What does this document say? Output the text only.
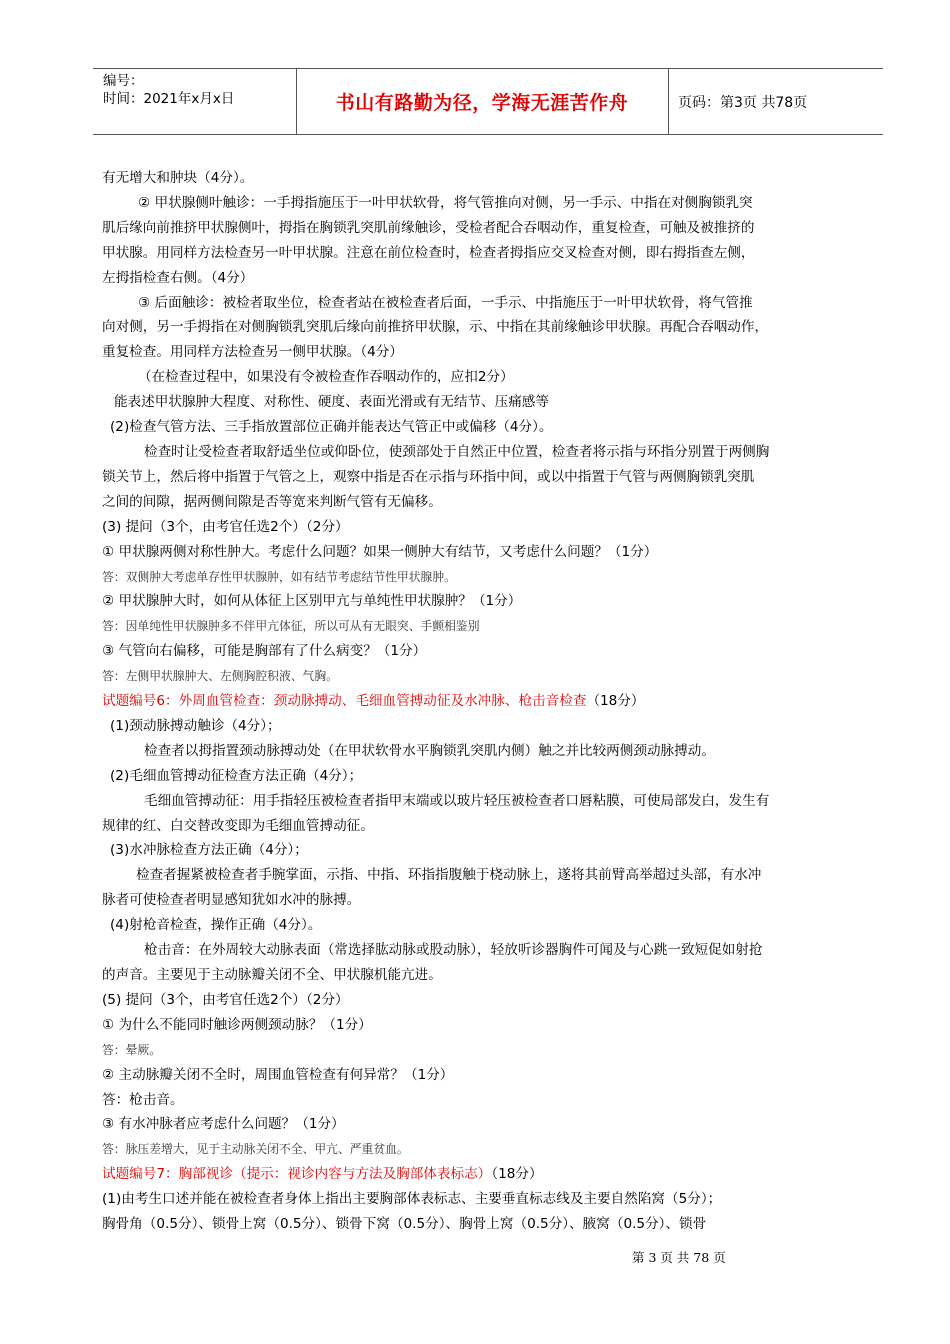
编号：
时间：2021年x月x日	书山有路勤为径，学海无涯苦作舟	页码：第3页 共78页
有无增大和肿块（4分）。
② 甲状腺侧叶触诊：一手拇指施压于一叶甲状软骨，将气管推向对侧，另一手示、中指在对侧胸锁乳突
肌后缘向前推挤甲状腺侧叶，拇指在胸锁乳突肌前缘触诊，受检者配合吞咽动作，重复检查，可触及被推挤的
甲状腺。用同样方法检查另一叶甲状腺。注意在前位检查时，检查者拇指应交叉检查对侧，即右拇指查左侧，
左拇指检查右侧。（4分）
③ 后面触诊：被检者取坐位，检查者站在被检查者后面，一手示、中指施压于一叶甲状软骨，将气管推
向对侧，另一手拇指在对侧胸锁乳突肌后缘向前推挤甲状腺，示、中指在其前缘触诊甲状腺。再配合吞咽动作，
重复检查。用同样方法检查另一侧甲状腺。（4分）
（在检查过程中，如果没有令被检查作吞咽动作的，应扣2分）
能表述甲状腺肿大程度、对称性、硬度、表面光滑或有无结节、压痛感等
(2)检查气管方法、三手指放置部位正确并能表达气管正中或偏移（4分）。
检查时让受检查者取舒适坐位或仰卧位，使颈部处于自然正中位置，检查者将示指与环指分别置于两侧胸
锁关节上，然后将中指置于气管之上，观察中指是否在示指与环指中间，或以中指置于气管与两侧胸锁乳突肌
之间的间隙，据两侧间隙是否等宽来判断气管有无偏移。
(3) 提问（3个，由考官任选2个）（2分）
① 甲状腺两侧对称性肿大。考虑什么问题？如果一侧肿大有结节，又考虑什么问题？（1分）
答：双侧肿大考虑单存性甲状腺肿，如有结节考虑结节性甲状腺肿。
② 甲状腺肿大时，如何从体征上区别甲亢与单纯性甲状腺肿？（1分）
答：因单纯性甲状腺肿多不伴甲亢体征，所以可从有无眼突、手颤相鉴别
③ 气管向右偏移，可能是胸部有了什么病变？（1分）
答：左侧甲状腺肿大、左侧胸腔积液、气胸。
试题编号6：外周血管检查：颈动脉搏动、毛细血管搏动征及水冲脉、枪击音检查（18分）
(1)颈动脉搏动触诊（4分）；
检查者以拇指置颈动脉搏动处（在甲状软骨水平胸锁乳突肌内侧）触之并比较两侧颈动脉搏动。
(2)毛细血管搏动征检查方法正确（4分）；
毛细血管搏动征：用手指轻压被检查者指甲末端或以玻片轻压被检查者口唇粘膜，可使局部发白，发生有
规律的红、白交替改变即为毛细血管搏动征。
(3)水冲脉检查方法正确（4分）；
检查者握紧被检查者手腕掌面，示指、中指、环指指腹触于桡动脉上，遂将其前臂高举超过头部，有水冲
脉者可使检查者明显感知犹如水冲的脉搏。
(4)射枪音检查，操作正确（4分）。
枪击音：在外周较大动脉表面（常选择肱动脉或股动脉），轻放听诊器胸件可闻及与心跳一致短促如射抢
的声音。主要见于主动脉瓣关闭不全、甲状腺机能亢进。
(5) 提问（3个，由考官任选2个）（2分）
① 为什么不能同时触诊两侧颈动脉？（1分）
答：晕厥。
② 主动脉瓣关闭不全时，周围血管检查有何异常？（1分）
答：枪击音。
③ 有水冲脉者应考虑什么问题？（1分）
答：脉压差增大，见于主动脉关闭不全、甲亢、严重贫血。
试题编号7：胸部视诊（提示：视诊内容与方法及胸部体表标志）（18分）
(1)由考生口述并能在被检查者身体上指出主要胸部体表标志、主要垂直标志线及主要自然陷窝（5分）；
胸骨角（0.5分）、锁骨上窝（0.5分）、锁骨下窝（0.5分）、胸骨上窝（0.5分）、腋窝（0.5分）、锁骨
第 3 页 共 78 页
